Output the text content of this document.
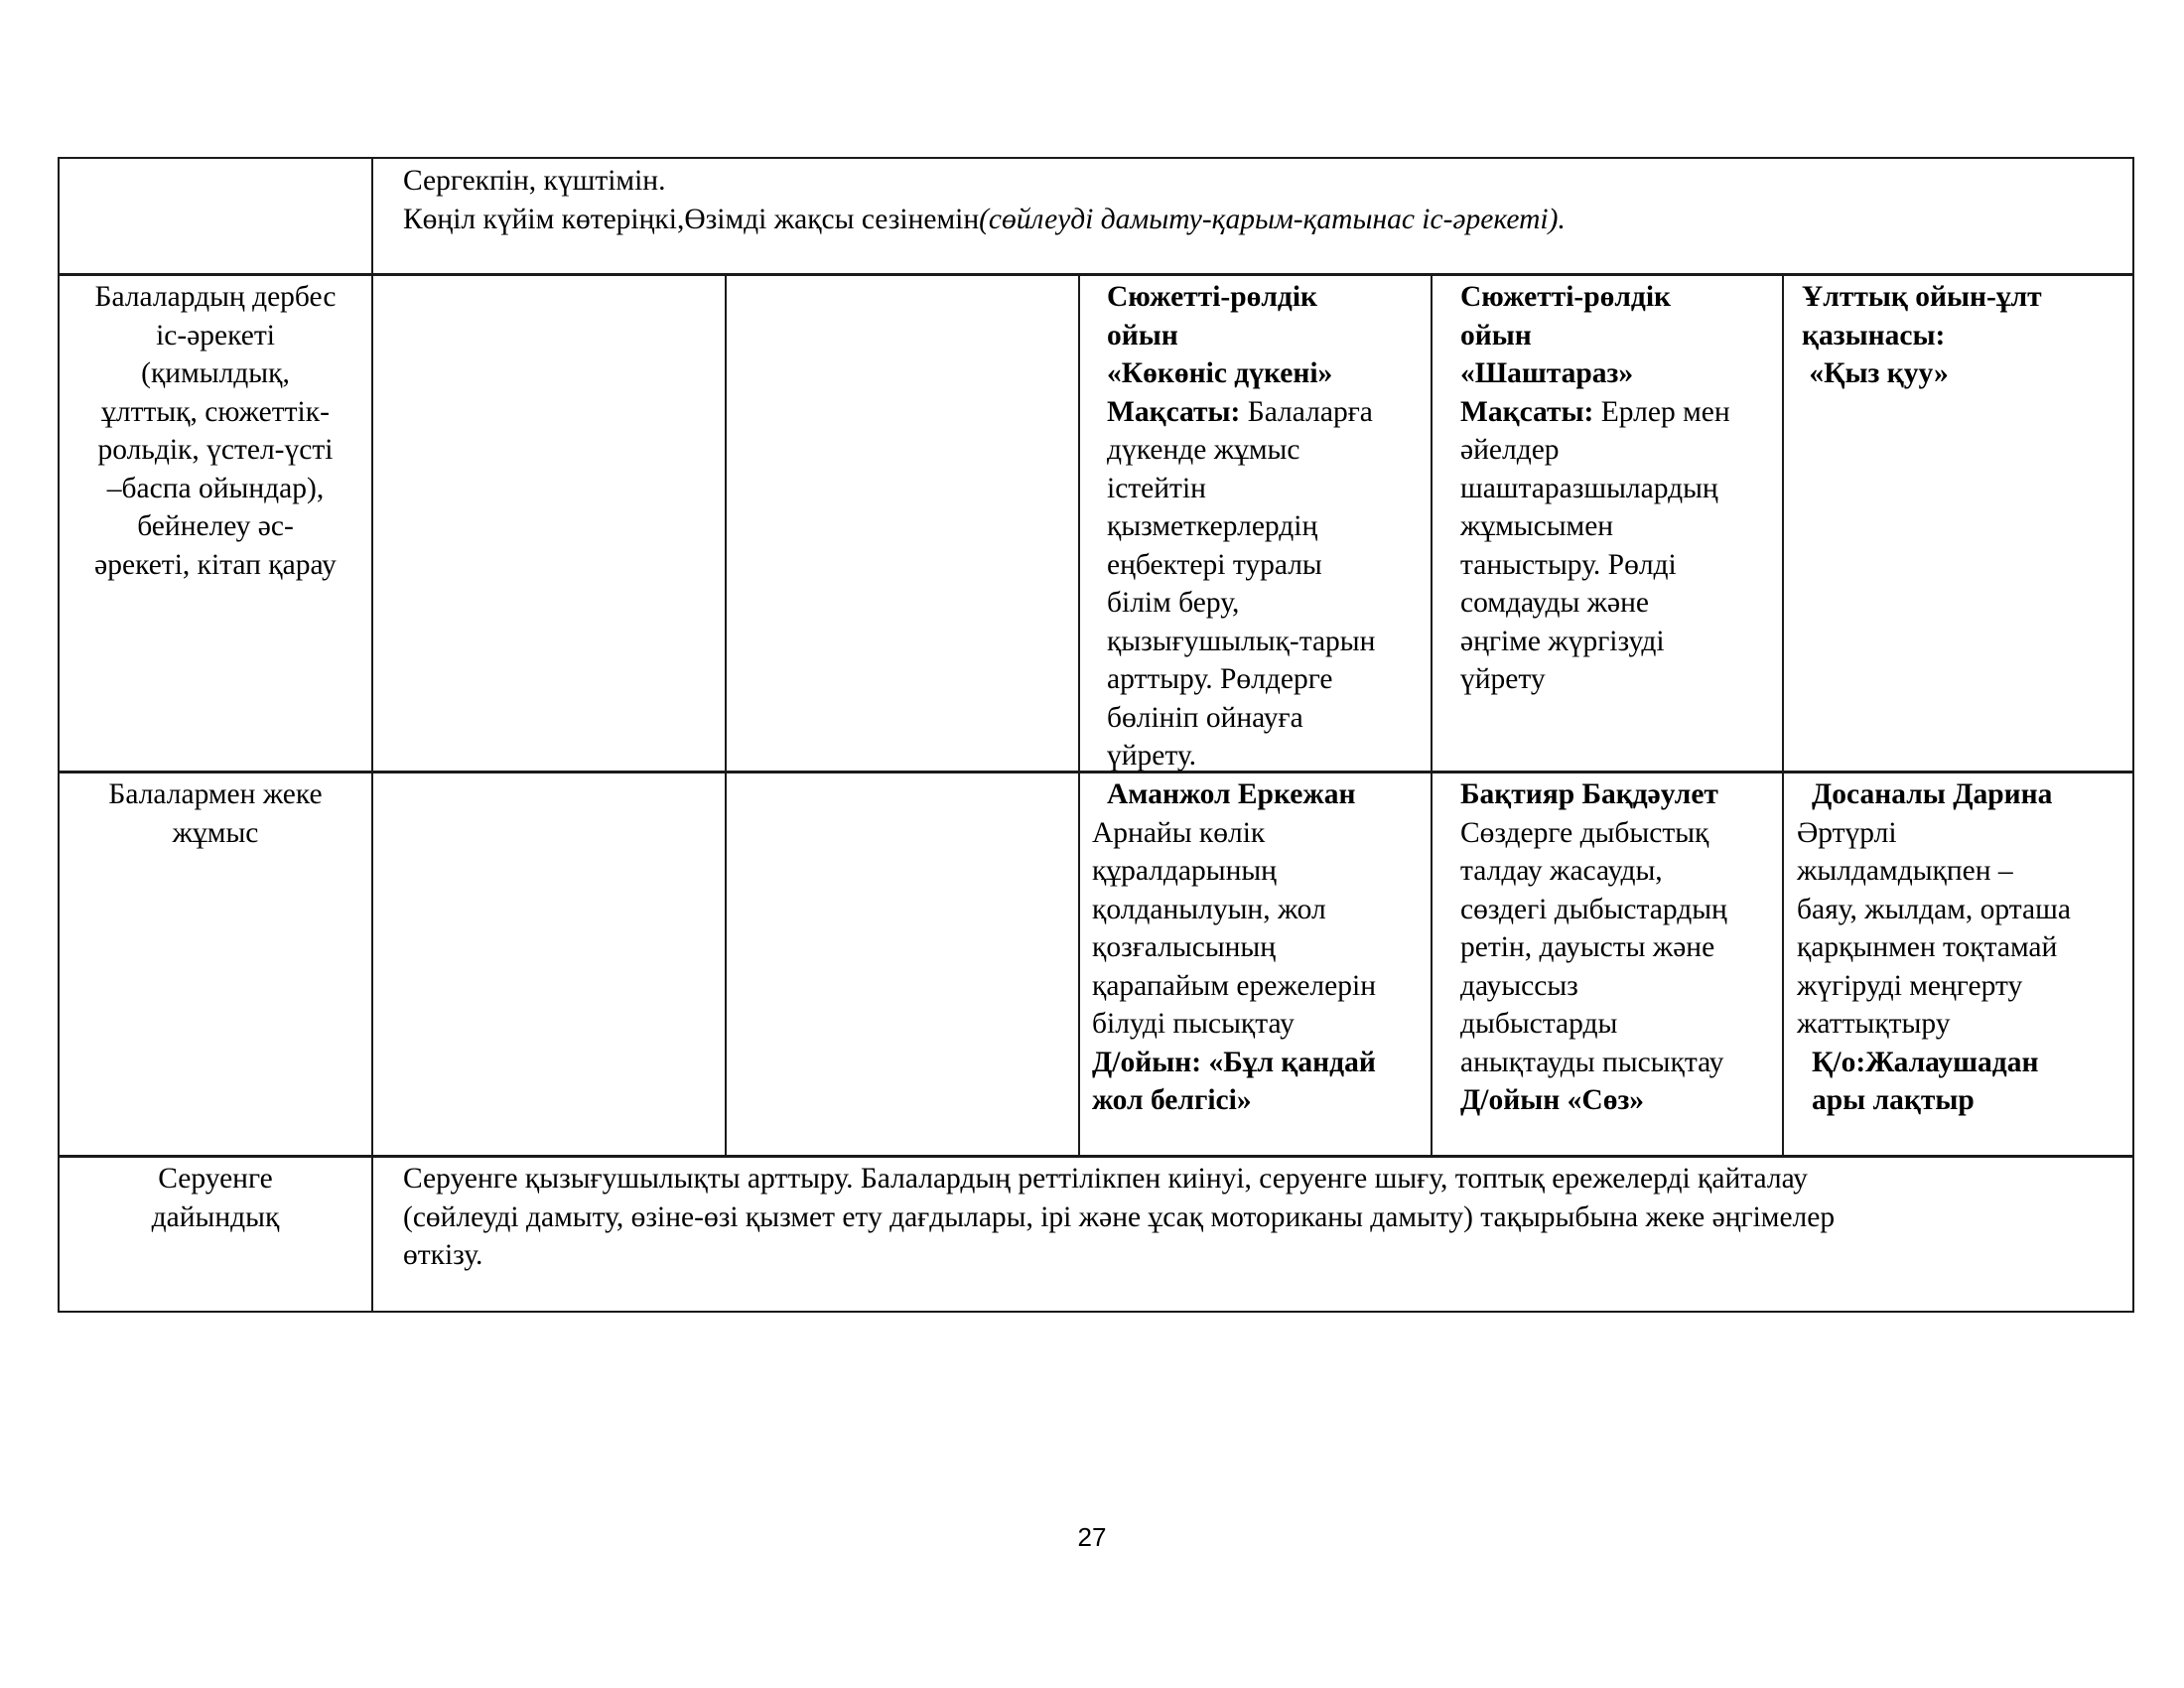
Сергекпін, күштімін.
Көңіл күйім көтеріңкі,Өзімді жақсы сезінемін(сөйлеуді дамыту-қарым-қатынас іс-әрекеті).
Балалардың дербес
іс-әрекеті
(қимылдық,
ұлттық, сюжеттік-
рольдік, үстел-үсті
–баспа ойындар),
бейнелеу әс-
әрекеті, кітап қарау
Сюжетті-рөлдік
ойын
«Көкөніс дүкені»
Мақсаты: Балаларға
дүкенде жұмыс
істейтін
қызметкерлердің
еңбектері туралы
білім беру,
қызығушылық-тарын
арттыру. Рөлдерге
бөлініп ойнауға
үйрету.
Сюжетті-рөлдік
ойын
«Шаштараз»
Мақсаты: Ерлер мен
әйелдер
шаштаразшылардың
жұмысымен
таныстыру. Рөлді
сомдауды және
әңгіме жүргізуді
үйрету
Ұлттық ойын-ұлт
қазынасы:
«Қыз қуу»
Балалармен жеке
жұмыс
Аманжол Еркежан
Арнайы көлік
құралдарының
қолданылуын, жол
қозғалысының
қарапайым ережелерін
білуді пысықтау
Д/ойын: «Бұл қандай
жол белгісі»
Бақтияр Бақдәулет
Сөздерге дыбыстық
талдау жасауды,
сөздегі дыбыстардың
ретін, дауысты және
дауыссыз
дыбыстарды
анықтауды пысықтау
Д/ойын «Сөз»
Досаналы Дарина
Әртүрлі
жылдамдықпен –
баяу, жылдам, орташа
қарқынмен тоқтамай
жүгіруді меңгерту
жаттықтыру
Қ/о:Жалаушадан
ары лақтыр
Серуенге
дайындық
Серуенге қызығушылықты арттыру. Балалардың реттілікпен киінуі, серуенге шығу, топтық ережелерді қайталау
(сөйлеуді дамыту, өзіне-өзі қызмет ету дағдылары, ірі және ұсақ моториканы дамыту) тақырыбына жеке әңгімелер
өткізу.
27
